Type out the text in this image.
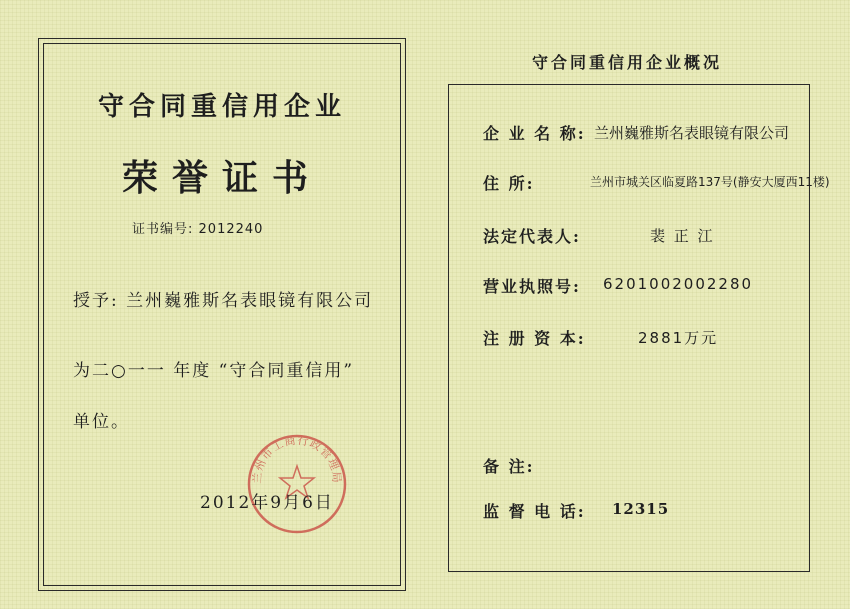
守合同重信用企业
荣誉证书
证书编号: 2012240
授予: 兰州巍雅斯名表眼镜有限公司
为二○一一 年度 “守合同重信用”
单位。
兰州市工商行政管理局
2012年9月6日
守合同重信用企业概况
企 业 名 称: 兰州巍雅斯名表眼镜有限公司
住 所:	兰州市城关区临夏路137号(静安大厦西11楼)
法定代表人:	裴 正 江
营业执照号: 6201002002280
注 册 资 本:	2881万元
备 注:
监 督 电 话: 12315
